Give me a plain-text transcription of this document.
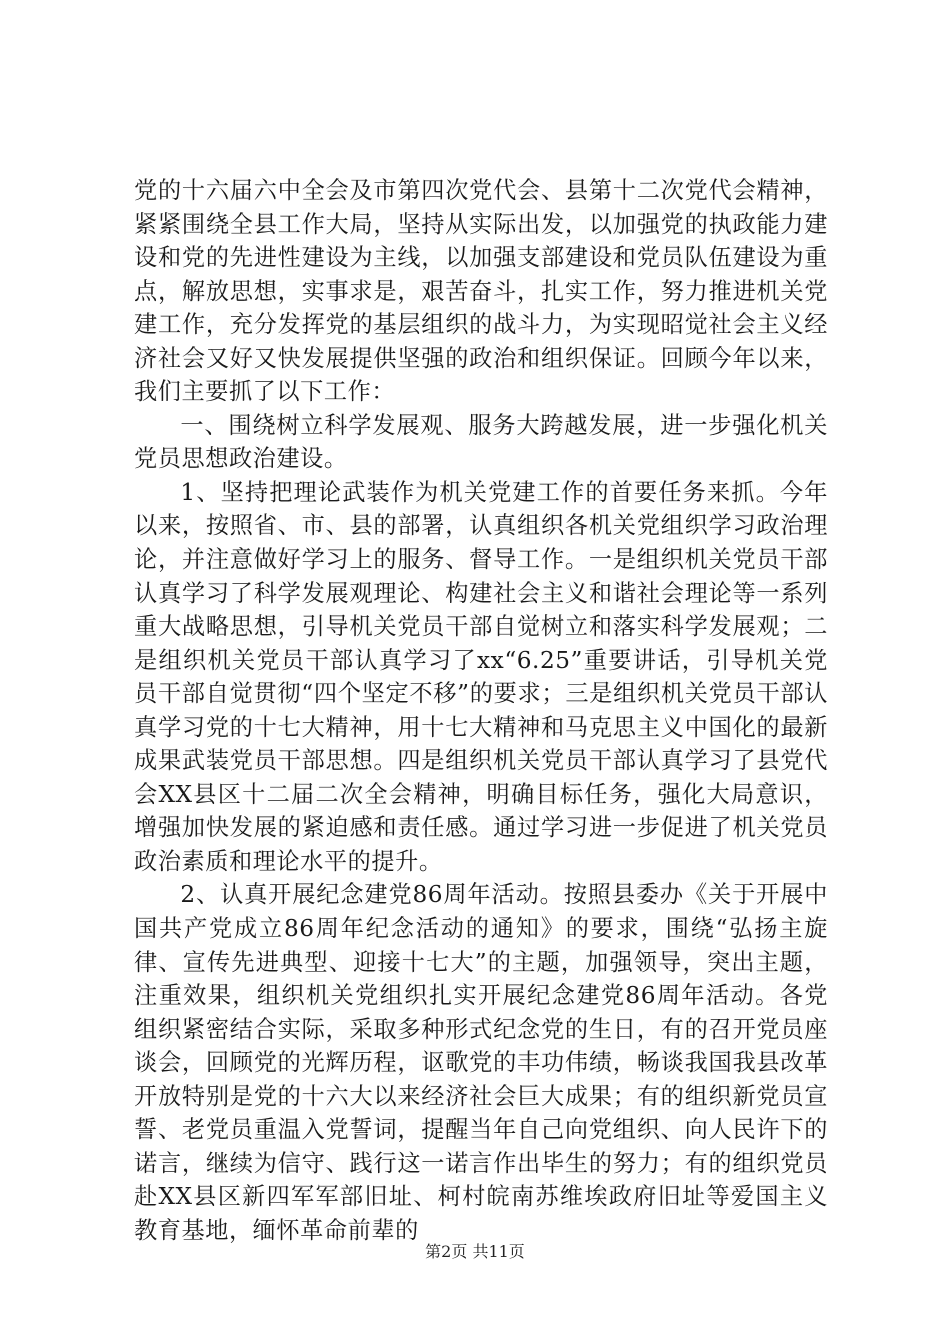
党的十六届六中全会及市第四次党代会、县第十二次党代会精神，紧紧围绕全县工作大局，坚持从实际出发，以加强党的执政能力建设和党的先进性建设为主线，以加强支部建设和党员队伍建设为重点，解放思想，实事求是，艰苦奋斗，扎实工作，努力推进机关党建工作，充分发挥党的基层组织的战斗力，为实现昭觉社会主义经济社会又好又快发展提供坚强的政治和组织保证。回顾今年以来，我们主要抓了以下工作：

一、围绕树立科学发展观、服务大跨越发展，进一步强化机关党员思想政治建设。

1、坚持把理论武装作为机关党建工作的首要任务来抓。今年以来，按照省、市、县的部署，认真组织各机关党组织学习政治理论，并注意做好学习上的服务、督导工作。一是组织机关党员干部认真学习了科学发展观理论、构建社会主义和谐社会理论等一系列重大战略思想，引导机关党员干部自觉树立和落实科学发展观；二是组织机关党员干部认真学习了xx“6.25”重要讲话，引导机关党员干部自觉贯彻“四个坚定不移”的要求；三是组织机关党员干部认真学习党的十七大精神，用十七大精神和马克思主义中国化的最新成果武装党员干部思想。四是组织机关党员干部认真学习了县党代会XX县区十二届二次全会精神，明确目标任务，强化大局意识，增强加快发展的紧迫感和责任感。通过学习进一步促进了机关党员政治素质和理论水平的提升。

2、认真开展纪念建党86周年活动。按照县委办《关于开展中国共产党成立86周年纪念活动的通知》的要求，围绕“弘扬主旋律、宣传先进典型、迎接十七大”的主题，加强领导，突出主题，注重效果，组织机关党组织扎实开展纪念建党86周年活动。各党组织紧密结合实际，采取多种形式纪念党的生日，有的召开党员座谈会，回顾党的光辉历程，讴歌党的丰功伟绩，畅谈我国我县改革开放特别是党的十六大以来经济社会巨大成果；有的组织新党员宣誓、老党员重温入党誓词，提醒当年自己向党组织、向人民许下的诺言，继续为信守、践行这一诺言作出毕生的努力；有的组织党员赴XX县区新四军军部旧址、柯村皖南苏维埃政府旧址等爱国主义教育基地，缅怀革命前辈的

第2页 共11页
